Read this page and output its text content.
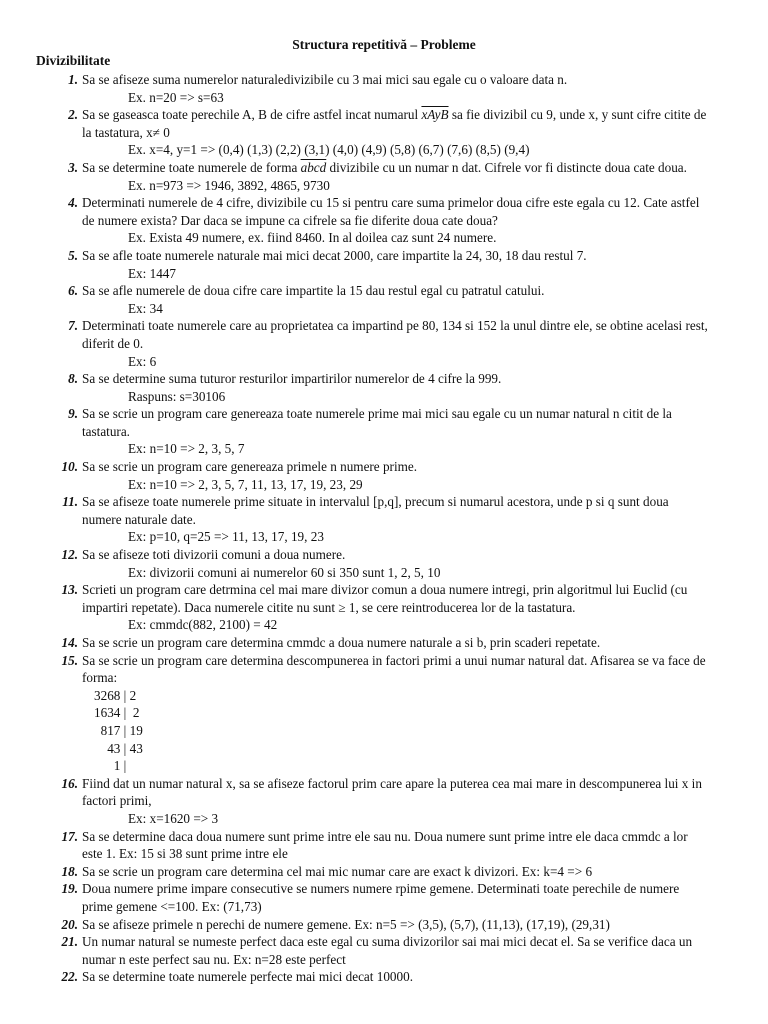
Structura repetitivă – Probleme
Divizibilitate
1. Sa se afiseze suma numerelor naturaledivizibile cu 3 mai mici sau egale cu o valoare data n.
Ex. n=20 => s=63
2. Sa se gaseasca toate perechile A, B de cifre astfel incat numarul xAyB sa fie divizibil cu 9, unde x, y sunt cifre citite de la tastatura, x≠ 0
Ex. x=4, y=1 => (0,4) (1,3) (2,2) (3,1) (4,0) (4,9) (5,8) (6,7) (7,6) (8,5) (9,4)
3. Sa se determine toate numerele de forma abcd divizibile cu un numar n dat. Cifrele vor fi distincte doua cate doua.
Ex. n=973 => 1946, 3892, 4865, 9730
4. Determinati numerele de 4 cifre, divizibile cu 15 si pentru care suma primelor doua cifre este egala cu 12. Cate astfel de numere exista? Dar daca se impune ca cifrele sa fie diferite doua cate doua?
Ex. Exista 49 numere, ex. fiind 8460. In al doilea caz sunt 24 numere.
5. Sa se afle toate numerele naturale mai mici decat 2000, care impartite la 24, 30, 18 dau restul 7.
Ex: 1447
6. Sa se afle numerele de doua cifre care impartite la 15 dau restul egal cu patratul catului.
Ex: 34
7. Determinati toate numerele care au proprietatea ca impartind pe 80, 134 si 152 la unul dintre ele, se obtine acelasi rest, diferit de 0.
Ex: 6
8. Sa se determine suma tuturor resturilor impartirilor numerelor de 4 cifre la 999.
Raspuns: s=30106
9. Sa se scrie un program care genereaza toate numerele prime mai mici sau egale cu un numar natural n citit de la tastatura.
Ex: n=10 => 2, 3, 5, 7
10. Sa se scrie un program care genereaza primele n numere prime.
Ex: n=10 => 2, 3, 5, 7, 11, 13, 17, 19, 23, 29
11. Sa se afiseze toate numerele prime situate in intervalul [p,q], precum si numarul acestora, unde p si q sunt doua numere naturale date.
Ex: p=10, q=25 => 11, 13, 17, 19, 23
12. Sa se afiseze toti divizorii comuni a doua numere.
Ex: divizorii comuni ai numerelor 60 si 350 sunt 1, 2, 5, 10
13. Scrieti un program care detrmina cel mai mare divizor comun a doua numere intregi, prin algoritmul lui Euclid (cu impartiri repetate). Daca numerele citite nu sunt ≥ 1, se cere reintroducerea lor de la tastatura.
Ex: cmmdc(882, 2100) = 42
14. Sa se scrie un program care determina cmmdc a doua numere naturale a si b, prin scaderi repetate.
15. Sa se scrie un program care determina descompunerea in factori primi a unui numar natural dat. Afisarea se va face de forma:
3268 | 2
1634 |  2
817 | 19
43 | 43
1 |
16. Fiind dat un numar natural x, sa se afiseze factorul prim care apare la puterea cea mai mare in descompunerea lui x in factori primi,
Ex: x=1620 => 3
17. Sa se determine daca doua numere sunt prime intre ele sau nu. Doua numere sunt prime intre ele daca cmmdc a lor este 1. Ex: 15 si 38 sunt prime intre ele
18. Sa se scrie un program care determina cel mai mic numar care are exact k divizori. Ex: k=4 => 6
19. Doua numere prime impare consecutive se numers numere rpime gemene. Determinati toate perechile de numere prime gemene <=100. Ex: (71,73)
20. Sa se afiseze primele n perechi de numere gemene. Ex: n=5 => (3,5), (5,7), (11,13), (17,19), (29,31)
21. Un numar natural se numeste perfect daca este egal cu suma divizorilor sai mai mici decat el. Sa se verifice daca un numar n este perfect sau nu. Ex: n=28 este perfect
22. Sa se determine toate numerele perfecte mai mici decat 10000.
